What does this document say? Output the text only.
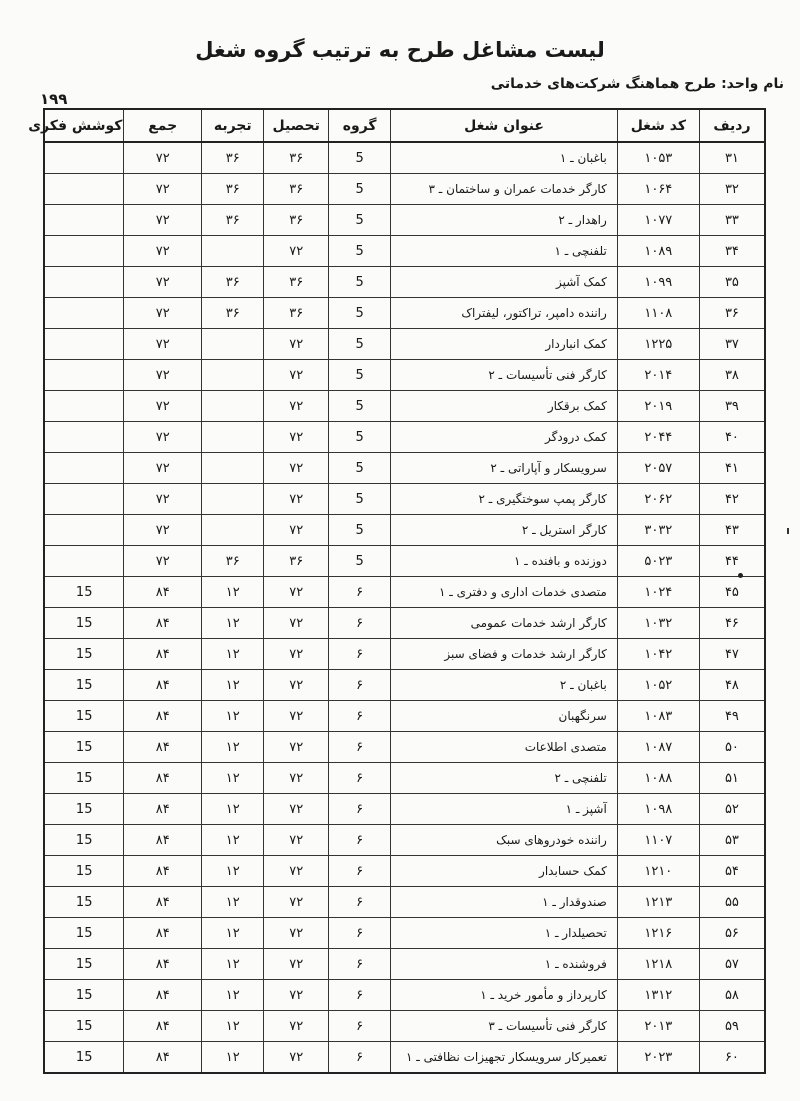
لیست مشاغل طرح به ترتیب گروه شغل
نام واحد: طرح هماهنگ شرکت‌های خدماتی
۱۹۹
ردیف	کد شغل	عنوان شغل	گروه	تحصیل	تجربه	جمع	کوشش فکری
۳۱	۱۰۵۳	باغبان ـ ۱	5	۳۶	۳۶	۷۲	
۳۲	۱۰۶۴	کارگر خدمات عمران و ساختمان ـ ۳	5	۳۶	۳۶	۷۲	
۳۳	۱۰۷۷	راهدار ـ ۲	5	۳۶	۳۶	۷۲	
۳۴	۱۰۸۹	تلفنچی ـ ۱	5	۷۲		۷۲	
۳۵	۱۰۹۹	کمک آشپز	5	۳۶	۳۶	۷۲	
۳۶	۱۱۰۸	راننده دامپر، تراکتور، لیفتراک	5	۳۶	۳۶	۷۲	
۳۷	۱۲۲۵	کمک انباردار	5	۷۲		۷۲	
۳۸	۲۰۱۴	کارگر فنی تأسیسات ـ ۲	5	۷۲		۷۲	
۳۹	۲۰۱۹	کمک برقکار	5	۷۲		۷۲	
۴۰	۲۰۴۴	کمک درودگر	5	۷۲		۷۲	
۴۱	۲۰۵۷	سرویسکار و آپاراتی ـ ۲	5	۷۲		۷۲	
۴۲	۲۰۶۲	کارگر پمپ سوختگیری ـ ۲	5	۷۲		۷۲	
۴۳	۳۰۳۲	کارگر استریل ـ ۲	5	۷۲		۷۲	
۴۴	۵۰۲۳	دوزنده و بافنده ـ ۱	5	۳۶	۳۶	۷۲	
۴۵	۱۰۲۴	متصدی خدمات اداری و دفتری ـ ۱	۶	۷۲	۱۲	۸۴	15
۴۶	۱۰۳۲	کارگر ارشد خدمات عمومی	۶	۷۲	۱۲	۸۴	15
۴۷	۱۰۴۲	کارگر ارشد خدمات و فضای سبز	۶	۷۲	۱۲	۸۴	15
۴۸	۱۰۵۲	باغبان ـ ۲	۶	۷۲	۱۲	۸۴	15
۴۹	۱۰۸۳	سرنگهبان	۶	۷۲	۱۲	۸۴	15
۵۰	۱۰۸۷	متصدی اطلاعات	۶	۷۲	۱۲	۸۴	15
۵۱	۱۰۸۸	تلفنچی ـ ۲	۶	۷۲	۱۲	۸۴	15
۵۲	۱۰۹۸	آشپز ـ ۱	۶	۷۲	۱۲	۸۴	15
۵۳	۱۱۰۷	راننده خودروهای سبک	۶	۷۲	۱۲	۸۴	15
۵۴	۱۲۱۰	کمک حسابدار	۶	۷۲	۱۲	۸۴	15
۵۵	۱۲۱۳	صندوقدار ـ ۱	۶	۷۲	۱۲	۸۴	15
۵۶	۱۲۱۶	تحصیلدار ـ ۱	۶	۷۲	۱۲	۸۴	15
۵۷	۱۲۱۸	فروشنده ـ ۱	۶	۷۲	۱۲	۸۴	15
۵۸	۱۳۱۲	کارپرداز و مأمور خرید ـ ۱	۶	۷۲	۱۲	۸۴	15
۵۹	۲۰۱۳	کارگر فنی تأسیسات ـ ۳	۶	۷۲	۱۲	۸۴	15
۶۰	۲۰۲۳	تعمیرکار سرویسکار تجهیزات نظافتی ـ ۱	۶	۷۲	۱۲	۸۴	15
